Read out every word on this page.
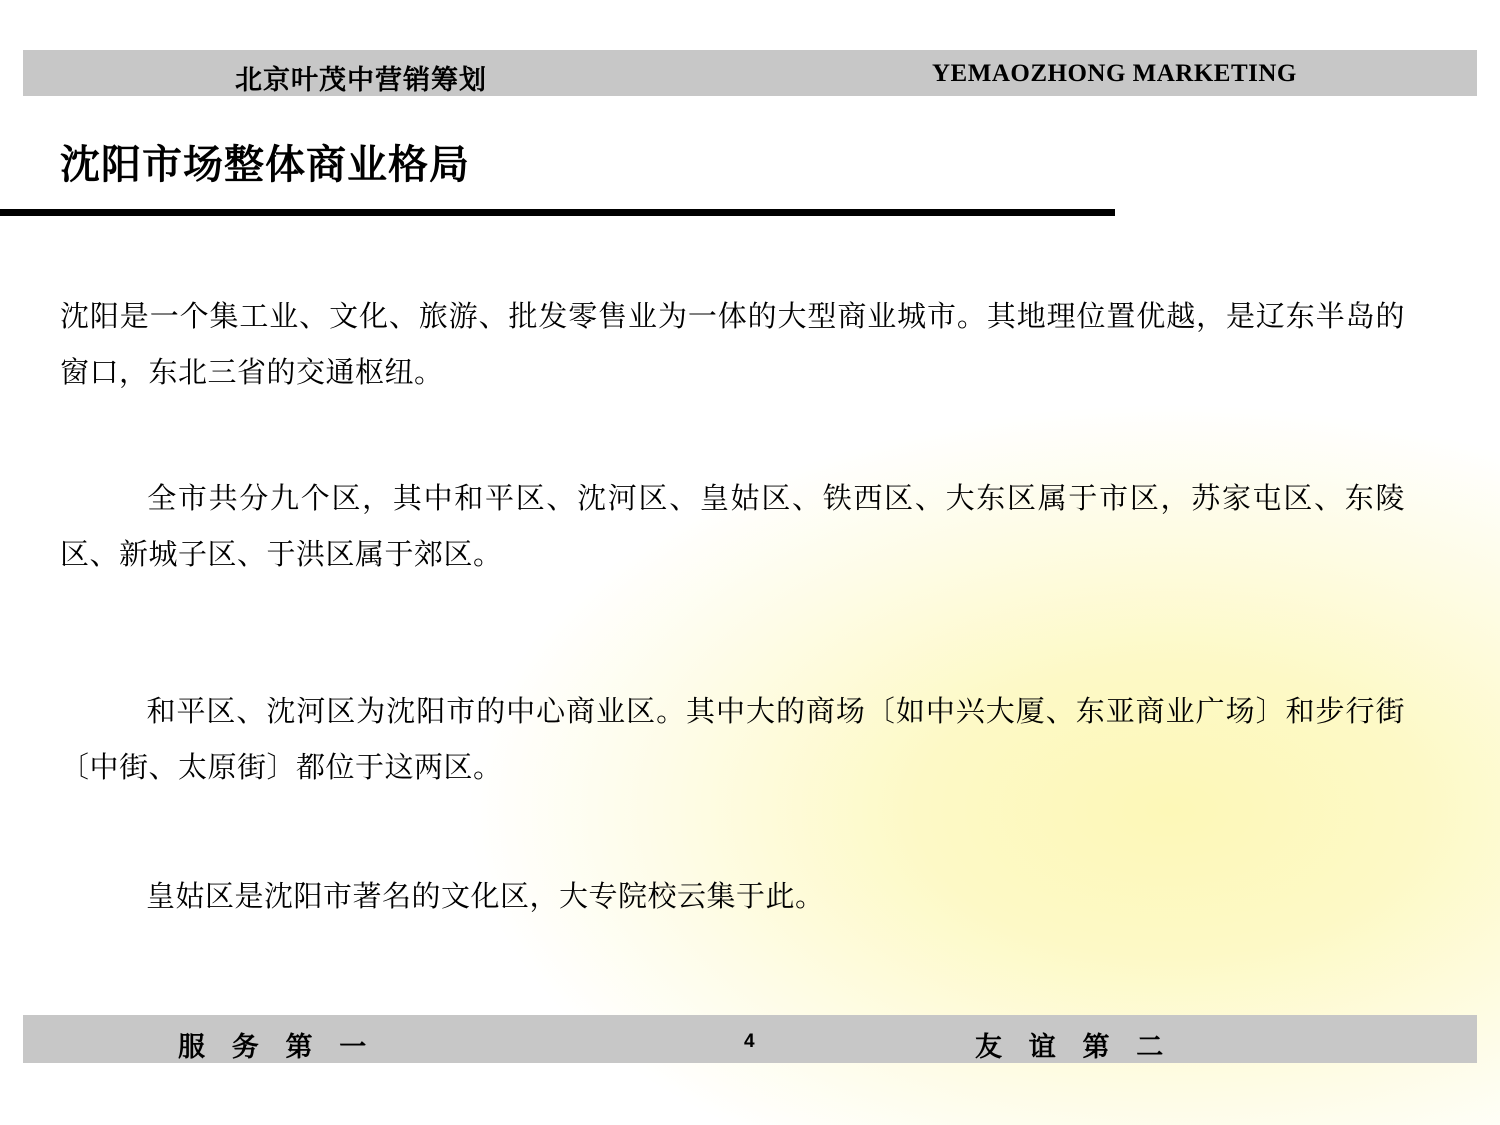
北京叶茂中营销筹划	YEMAOZHONG MARKETING
沈阳市场整体商业格局
沈阳是一个集工业、文化、旅游、批发零售业为一体的大型商业城市。其地理位置优越，是辽东半岛的窗口，东北三省的交通枢纽。
全市共分九个区，其中和平区、沈河区、皇姑区、铁西区、大东区属于市区，苏家屯区、东陵区、新城子区、于洪区属于郊区。
和平区、沈河区为沈阳市的中心商业区。其中大的商场〔如中兴大厦、东亚商业广场〕和步行街〔中街、太原街〕都位于这两区。
皇姑区是沈阳市著名的文化区，大专院校云集于此。
服 务 第 一	4	友 谊 第 二
